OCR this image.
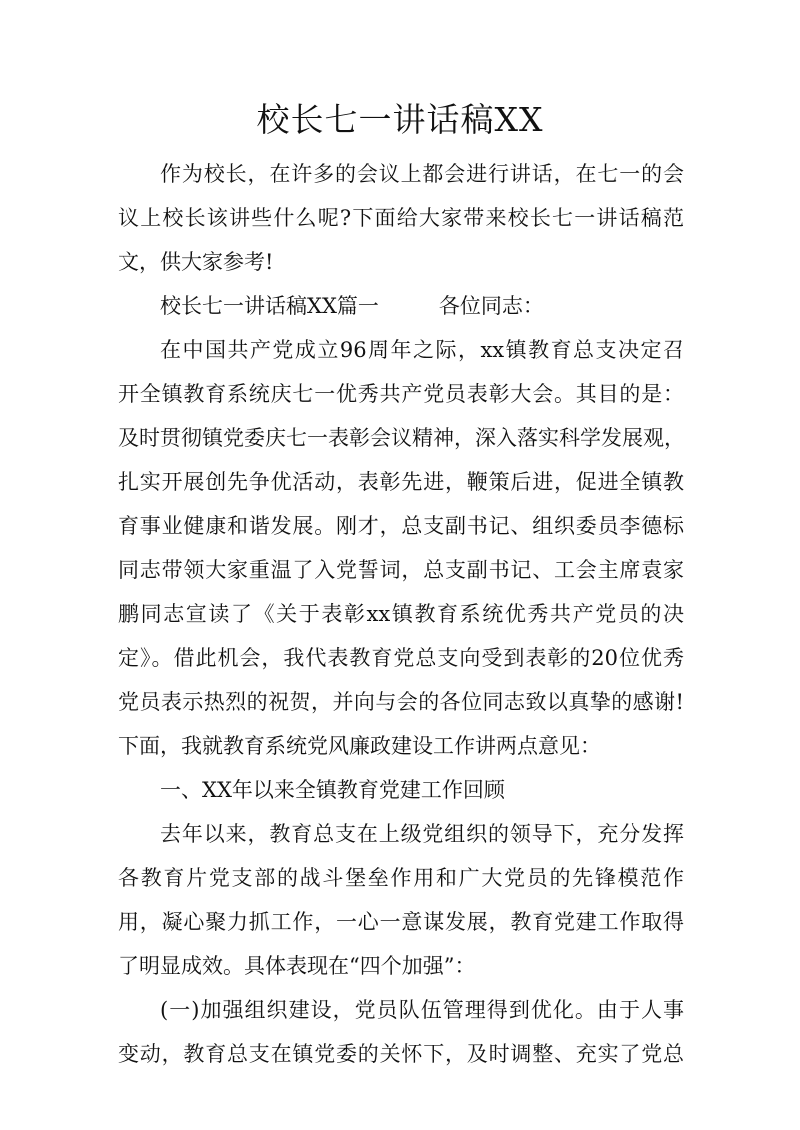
校长七一讲话稿XX
作为校长，在许多的会议上都会进行讲话，在七一的会
议上校长该讲些什么呢?下面给大家带来校长七一讲话稿范
文，供大家参考!
校长七一讲话稿XX篇一	各位同志：
在中国共产党成立96周年之际，xx镇教育总支决定召
开全镇教育系统庆七一优秀共产党员表彰大会。其目的是：
及时贯彻镇党委庆七一表彰会议精神，深入落实科学发展观，
扎实开展创先争优活动，表彰先进，鞭策后进，促进全镇教
育事业健康和谐发展。刚才，总支副书记、组织委员李德标
同志带领大家重温了入党誓词，总支副书记、工会主席袁家
鹏同志宣读了《关于表彰xx镇教育系统优秀共产党员的决
定》。借此机会，我代表教育党总支向受到表彰的20位优秀
党员表示热烈的祝贺，并向与会的各位同志致以真挚的感谢!
下面，我就教育系统党风廉政建设工作讲两点意见：
一、XX年以来全镇教育党建工作回顾
去年以来，教育总支在上级党组织的领导下，充分发挥
各教育片党支部的战斗堡垒作用和广大党员的先锋模范作
用，凝心聚力抓工作，一心一意谋发展，教育党建工作取得
了明显成效。具体表现在“四个加强”：
(一)加强组织建设，党员队伍管理得到优化。由于人事
变动，教育总支在镇党委的关怀下，及时调整、充实了党总
